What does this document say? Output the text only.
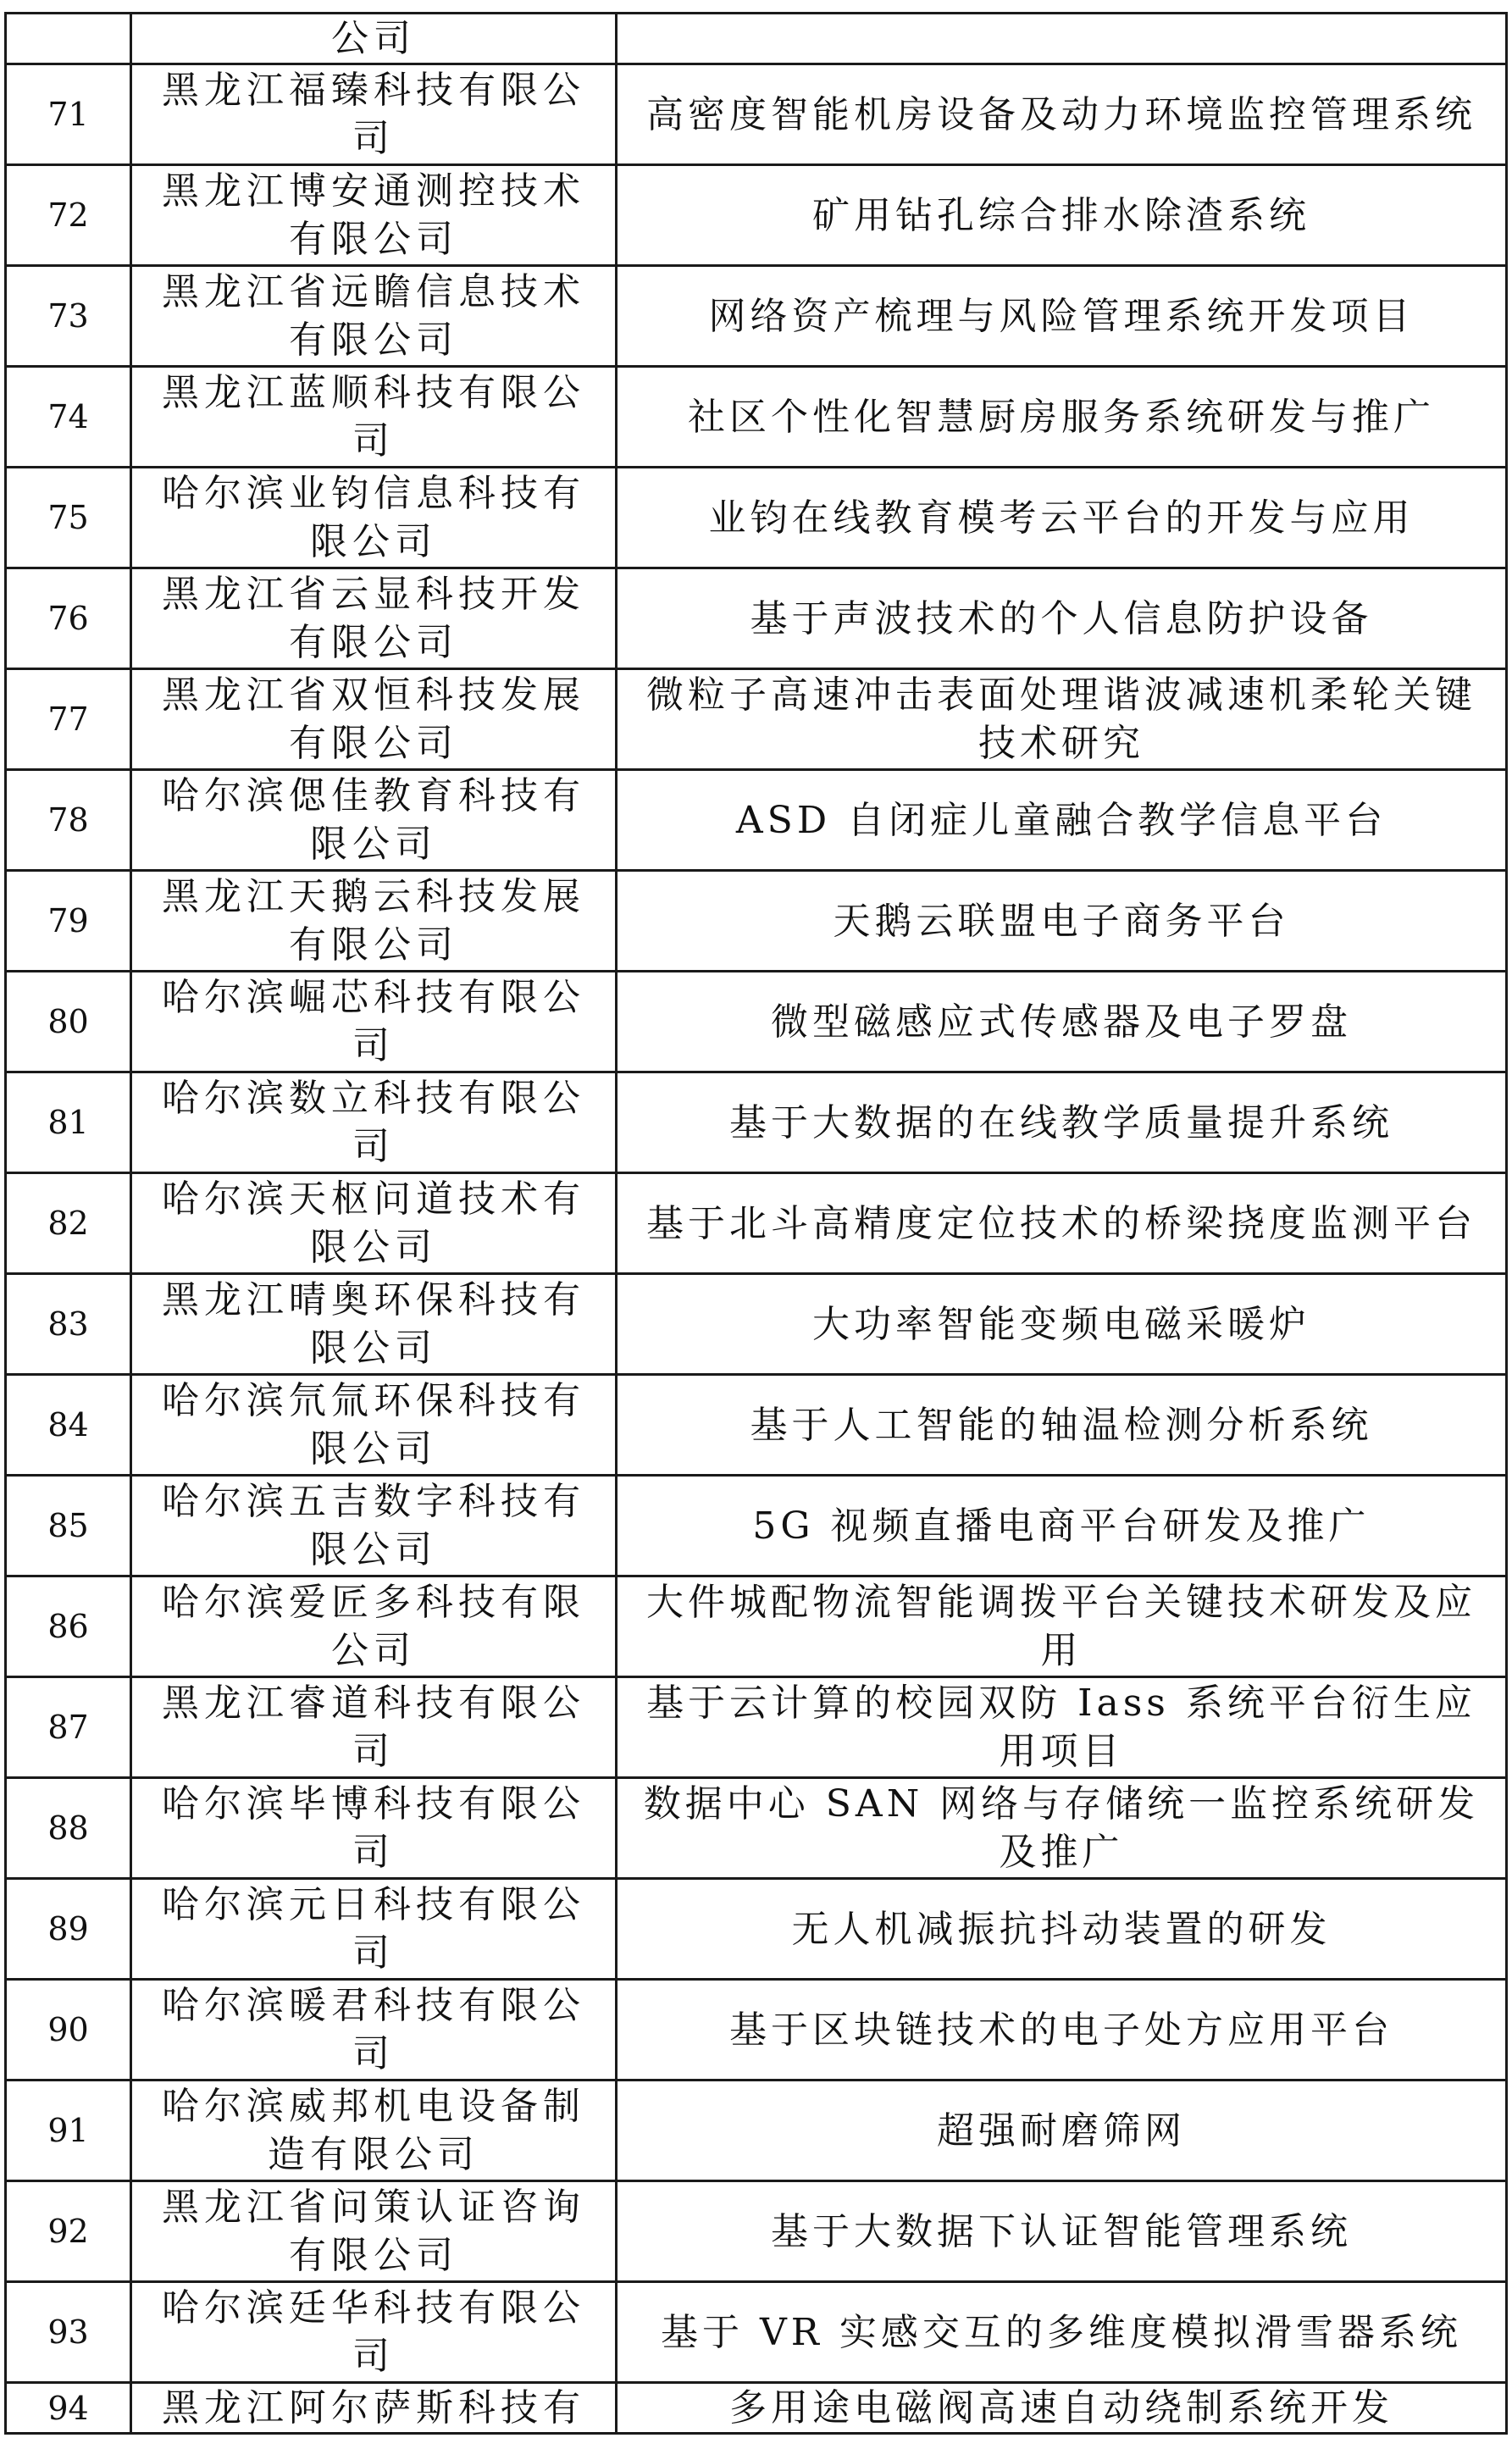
	公司	

71	黑龙江福臻科技有限公司	高密度智能机房设备及动力环境监控管理系统

72	黑龙江博安通测控技术有限公司	矿用钻孔综合排水除渣系统

73	黑龙江省远瞻信息技术有限公司	网络资产梳理与风险管理系统开发项目

74	黑龙江蓝顺科技有限公司	社区个性化智慧厨房服务系统研发与推广

75	哈尔滨业钧信息科技有限公司	业钧在线教育模考云平台的开发与应用

76	黑龙江省云显科技开发有限公司	基于声波技术的个人信息防护设备

77	黑龙江省双恒科技发展有限公司	微粒子高速冲击表面处理谐波减速机柔轮关键技术研究

78	哈尔滨偲佳教育科技有限公司	ASD 自闭症儿童融合教学信息平台

79	黑龙江天鹅云科技发展有限公司	天鹅云联盟电子商务平台

80	哈尔滨崛芯科技有限公司	微型磁感应式传感器及电子罗盘

81	哈尔滨数立科技有限公司	基于大数据的在线教学质量提升系统

82	哈尔滨天枢问道技术有限公司	基于北斗高精度定位技术的桥梁挠度监测平台

83	黑龙江晴奥环保科技有限公司	大功率智能变频电磁采暖炉

84	哈尔滨氘氚环保科技有限公司	基于人工智能的轴温检测分析系统

85	哈尔滨五吉数字科技有限公司	5G 视频直播电商平台研发及推广

86	哈尔滨爱匠多科技有限公司	大件城配物流智能调拨平台关键技术研发及应用

87	黑龙江睿道科技有限公司	基于云计算的校园双防 Iass 系统平台衍生应用项目

88	哈尔滨毕博科技有限公司	数据中心 SAN 网络与存储统一监控系统研发及推广

89	哈尔滨元日科技有限公司	无人机减振抗抖动装置的研发

90	哈尔滨暖君科技有限公司	基于区块链技术的电子处方应用平台

91	哈尔滨威邦机电设备制造有限公司	超强耐磨筛网

92	黑龙江省问策认证咨询有限公司	基于大数据下认证智能管理系统

93	哈尔滨廷华科技有限公司	基于 VR 实感交互的多维度模拟滑雪器系统

94	黑龙江阿尔萨斯科技有	多用途电磁阀高速自动绕制系统开发
